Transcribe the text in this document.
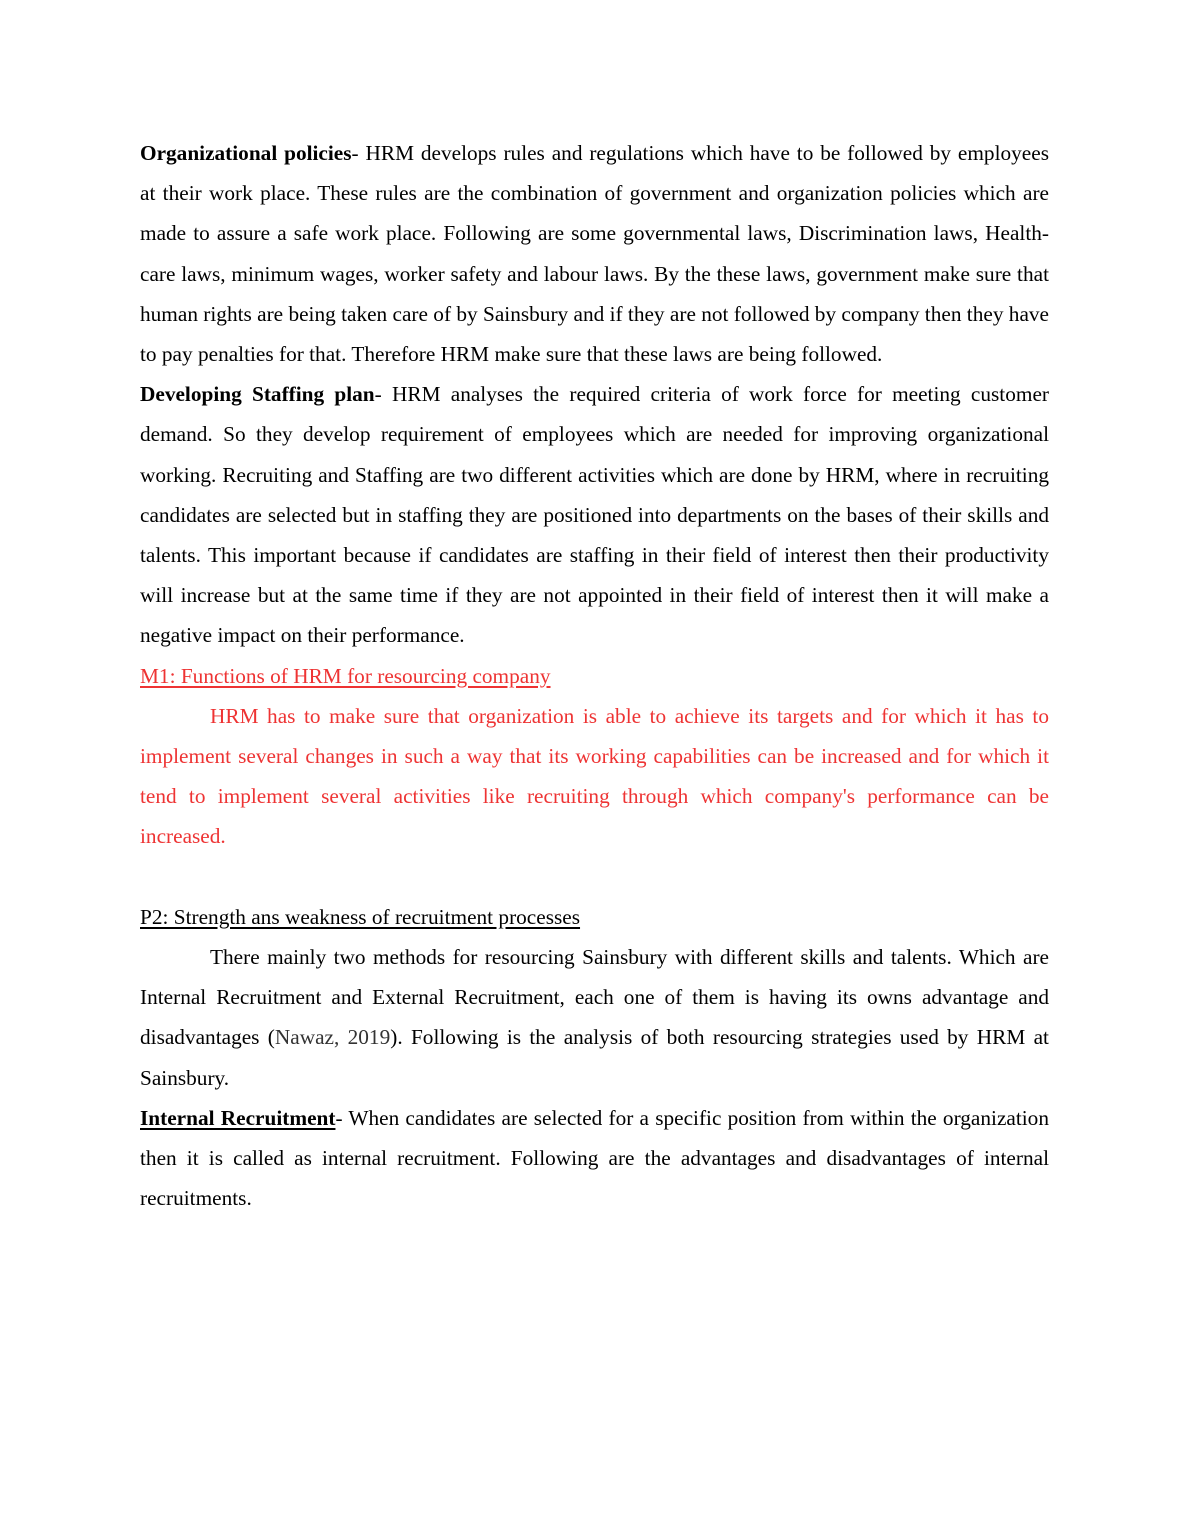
Organizational policies- HRM develops rules and regulations which have to be followed by employees at their work place. These rules are the combination of government and organization policies which are made to assure a safe work place. Following are some governmental laws, Discrimination laws, Health-care laws, minimum wages, worker safety and labour laws. By the these laws, government make sure that human rights are being taken care of by Sainsbury and if they are not followed by company then they have to pay penalties for that. Therefore HRM make sure that these laws are being followed.

Developing Staffing plan- HRM analyses the required criteria of work force for meeting customer demand. So they develop requirement of employees which are needed for improving organizational working. Recruiting and Staffing are two different activities which are done by HRM, where in recruiting candidates are selected but in staffing they are positioned into departments on the bases of their skills and talents. This important because if candidates are staffing in their field of interest then their productivity will increase but at the same time if they are not appointed in their field of interest then it will make a negative impact on their performance.

M1: Functions of HRM for resourcing company

HRM has to make sure that organization is able to achieve its targets and for which it has to implement several changes in such a way that its working capabilities can be increased and for which it tend to implement several activities like recruiting through which company's performance can be increased.

P2: Strength ans weakness of recruitment processes

There mainly two methods for resourcing Sainsbury with different skills and talents. Which are Internal Recruitment and External Recruitment, each one of them is having its owns advantage and disadvantages (Nawaz, 2019). Following is the analysis of both resourcing strategies used by HRM at Sainsbury.

Internal Recruitment- When candidates are selected for a specific position from within the organization then it is called as internal recruitment. Following are the advantages and disadvantages of internal recruitments.
